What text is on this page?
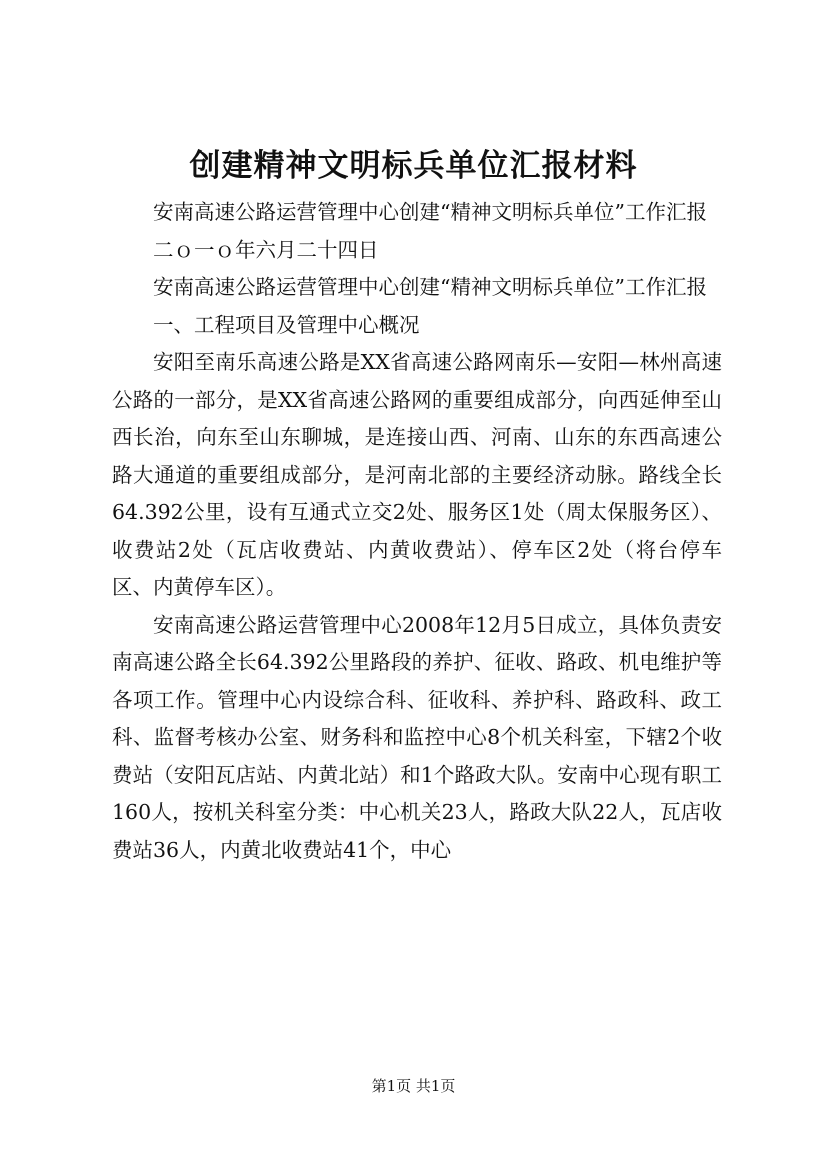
创建精神文明标兵单位汇报材料

安南高速公路运营管理中心创建“精神文明标兵单位”工作汇报

二ｏ一ｏ年六月二十四日

安南高速公路运营管理中心创建“精神文明标兵单位”工作汇报

一、工程项目及管理中心概况

安阳至南乐高速公路是XX省高速公路网南乐—安阳—林州高速公路的一部分，是XX省高速公路网的重要组成部分，向西延伸至山西长治，向东至山东聊城，是连接山西、河南、山东的东西高速公路大通道的重要组成部分，是河南北部的主要经济动脉。路线全长64.392公里，设有互通式立交2处、服务区1处（周太保服务区）、收费站2处（瓦店收费站、内黄收费站）、停车区2处（将台停车区、内黄停车区）。

安南高速公路运营管理中心2008年12月5日成立，具体负责安南高速公路全长64.392公里路段的养护、征收、路政、机电维护等各项工作。管理中心内设综合科、征收科、养护科、路政科、政工科、监督考核办公室、财务科和监控中心8个机关科室，下辖2个收费站（安阳瓦店站、内黄北站）和1个路政大队。安南中心现有职工160人，按机关科室分类：中心机关23人，路政大队22人，瓦店收费站36人，内黄北收费站41个，中心

第1页 共1页
